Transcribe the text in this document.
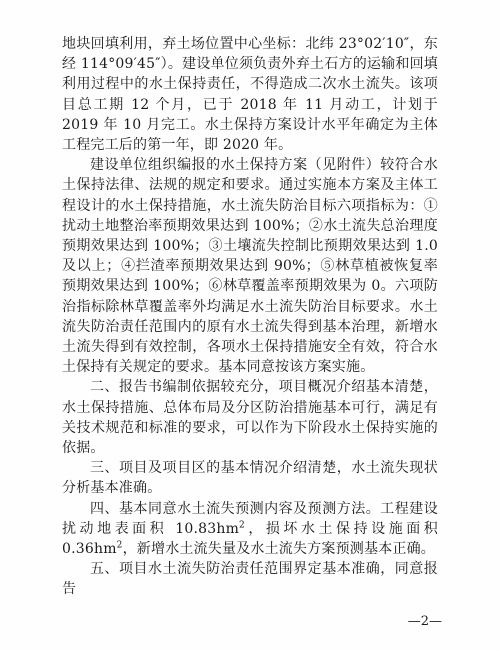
地块回填利用，弃土场位置中心坐标：北纬 23°02′10″，东经 114°09′45″）。建设单位须负责外弃土石方的运输和回填利用过程中的水土保持责任，不得造成二次水土流失。该项目总工期 12 个月，已于 2018 年 11 月动工，计划于 2019 年 10 月完工。水土保持方案设计水平年确定为主体工程完工后的第一年，即 2020 年。

建设单位组织编报的水土保持方案（见附件）较符合水土保持法律、法规的规定和要求。通过实施本方案及主体工程设计的水土保持措施，水土流失防治目标六项指标为：①扰动土地整治率预期效果达到 100%；②水土流失总治理度预期效果达到 100%；③土壤流失控制比预期效果达到 1.0 及以上；④拦渣率预期效果达到 90%；⑤林草植被恢复率预期效果达到 100%；⑥林草覆盖率预期效果为 0。六项防治指标除林草覆盖率外均满足水土流失防治目标要求。水土流失防治责任范围内的原有水土流失得到基本治理，新增水土流失得到有效控制，各项水土保持措施安全有效，符合水土保持有关规定的要求。基本同意按该方案实施。

二、报告书编制依据较充分，项目概况介绍基本清楚，水土保持措施、总体布局及分区防治措施基本可行，满足有关技术规范和标准的要求，可以作为下阶段水土保持实施的依据。

三、项目及项目区的基本情况介绍清楚，水土流失现状分析基本准确。

四、基本同意水土流失预测内容及预测方法。工程建设扰动地表面积 $10.83hm^2$，损坏水土保持设施面积 $0.36hm^2$，新增水土流失量及水土流失方案预测基本正确。

五、项目水土流失防治责任范围界定基本准确，同意报告

—2—
